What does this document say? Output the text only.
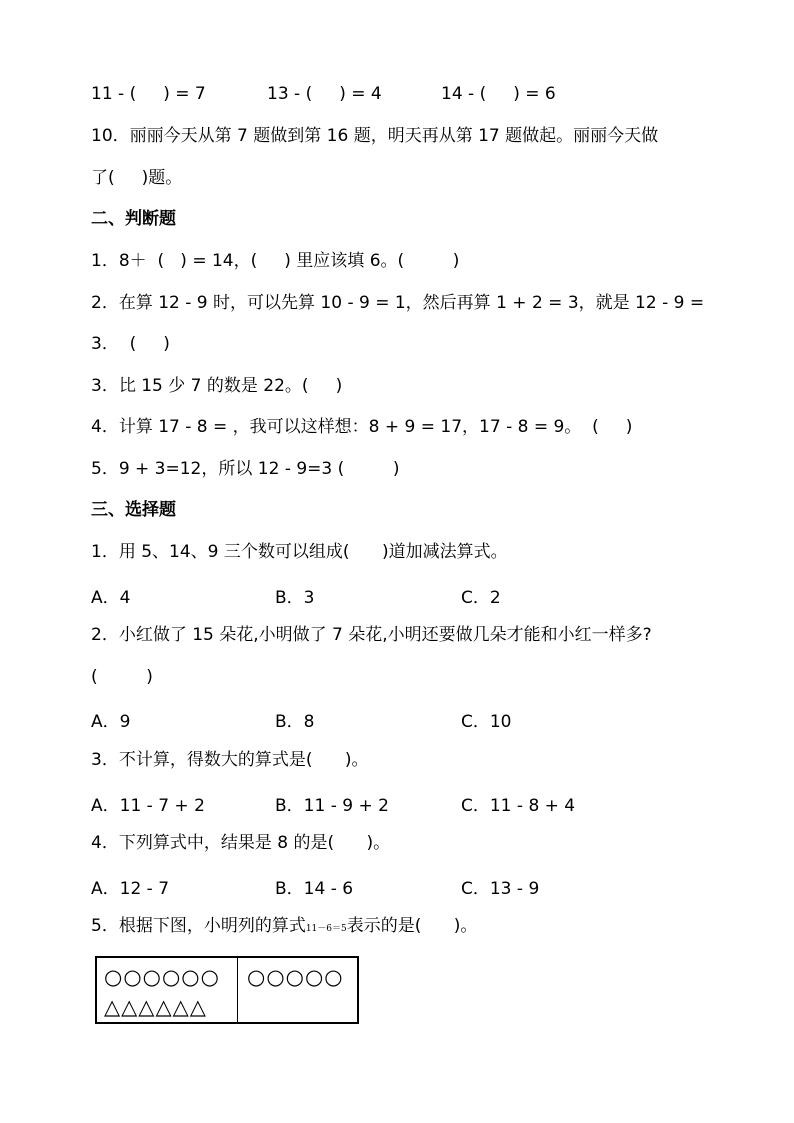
11 - (     ) = 7	13 - (     ) = 4	14 - (     ) = 6
10．丽丽今天从第 7 题做到第 16 题，明天再从第 17 题做起。丽丽今天做
了(     )题。
二、判断题
1．8＋  (   ) = 14，(     ) 里应该填 6。(         )
2．在算 12 - 9 时，可以先算 10 - 9 = 1，然后再算 1 + 2 = 3，就是 12 - 9 =
3．  (     )
3．比 15 少 7 的数是 22。(     )
4．计算 17 - 8 = ，我可以这样想：8 + 9 = 17，17 - 8 = 9。  (     )
5．9 + 3=12，所以 12 - 9=3 (         )
三、选择题
1．用 5、14、9 三个数可以组成(      )道加减法算式。
A．4	B．3	C．2
2．小红做了 15 朵花,小明做了 7 朵花,小明还要做几朵才能和小红一样多?
(         )
A．9	B．8	C．10
3．不计算，得数大的算式是(      )。
A．11 - 7 + 2	B．11 - 9 + 2	C．11 - 8 + 4
4．下列算式中，结果是 8 的是(      )。
A．12 - 7	B．14 - 6	C．13 - 9
5．根据下图，小明列的算式11－6＝5表示的是(      )。
○○○○○○
△△△△△△
○○○○○
